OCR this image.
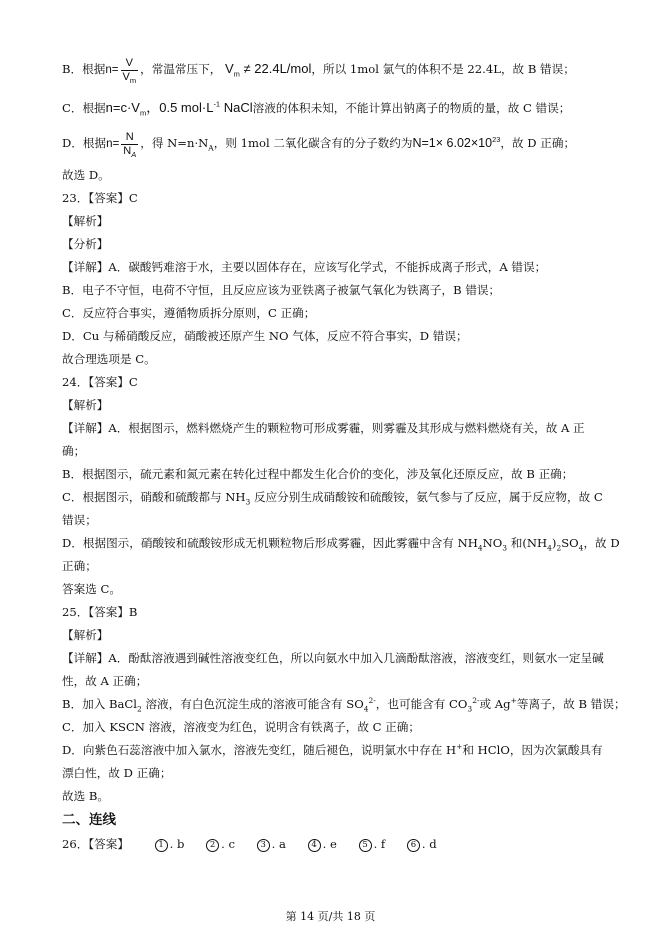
B．根据$n= \frac{V}{V_m}$ ，常温常压下， $V_m \ne 22.4L/mol$，所以 1mol 氯气的体积不是 22.4L，故 B 错误；
C．根据$n=c\cdot V_m$，0.5 $mol\cdot L^{-1}$ NaCl溶液的体积未知，不能计算出钠离子的物质的量，故 C 错误；
D．根据$n= \frac{N}{N_A}$ ，得 $N=n\cdot N_A$，则 1mol 二氧化碳含有的分子数约为$N=1\times 6.02\times 10^{23}$，故 D 正确；
故选 D。
23．【答案】C
【解析】
【分析】
【详解】A．碳酸钙难溶于水，主要以固体存在，应该写化学式，不能拆成离子形式，A 错误；
B．电子不守恒，电荷不守恒，且反应应该为亚铁离子被氯气氧化为铁离子，B 错误；
C．反应符合事实，遵循物质拆分原则，C 正确；
D．Cu 与稀硝酸反应，硝酸被还原产生 NO 气体，反应不符合事实，D 错误；
故合理选项是 C。
24．【答案】C
【解析】
【详解】A．根据图示，燃料燃烧产生的颗粒物可形成雾霾，则雾霾及其形成与燃料燃烧有关，故 A 正
确；
B．根据图示，硫元素和氮元素在转化过程中都发生化合价的变化，涉及氧化还原反应，故 B 正确；
C．根据图示，硝酸和硫酸都与 $NH_3$ 反应分别生成硝酸铵和硫酸铵，氨气参与了反应，属于反应物，故 C
错误；
D．根据图示，硝酸铵和硫酸铵形成无机颗粒物后形成雾霾，因此雾霾中含有 $NH_4NO_3$ 和$(NH_4)_2SO_4$，故 D
正确；
答案选 C。
25．【答案】B
【解析】
【详解】A．酚酞溶液遇到碱性溶液变红色，所以向氨水中加入几滴酚酞溶液，溶液变红，则氨水一定呈碱
性，故 A 正确；
B．加入 BaCl$_2$ 溶液，有白色沉淀生成的溶液可能含有 $SO_4^{2-}$，也可能含有 $CO_3^{2-}$或 Ag+等离子，故 B 错误；
C．加入 KSCN 溶液，溶液变为红色，说明含有铁离子，故 C 正确；
D．向紫色石蕊溶液中加入氯水，溶液先变红，随后褪色，说明氯水中存在 H+和 HClO，因为次氯酸具有
漂白性，故 D 正确；
故选 B。
二、连线
26．【答案】	1 . b	2 . c	3 . a	4 . e	5 . f	6 . d
第 14 页/共 18 页
